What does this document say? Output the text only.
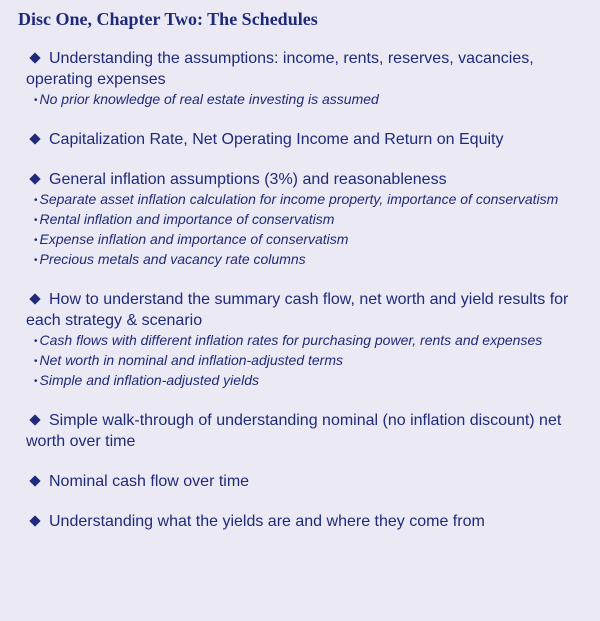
Disc One, Chapter Two: The Schedules
Understanding the assumptions: income, rents, reserves, vacancies, operating expenses
• No prior knowledge of real estate investing is assumed
Capitalization Rate, Net Operating Income and Return on Equity
General inflation assumptions (3%) and reasonableness
• Separate asset inflation calculation for income property, importance of conservatism
• Rental inflation and importance of conservatism
• Expense inflation and importance of conservatism
• Precious metals and vacancy rate columns
How to understand the summary cash flow, net worth and yield results for each strategy & scenario
• Cash flows with different inflation rates for purchasing power, rents and expenses
• Net worth in nominal and inflation-adjusted terms
• Simple and inflation-adjusted yields
Simple walk-through of understanding nominal (no inflation discount) net worth over time
Nominal cash flow over time
Understanding what the yields are and where they come from
